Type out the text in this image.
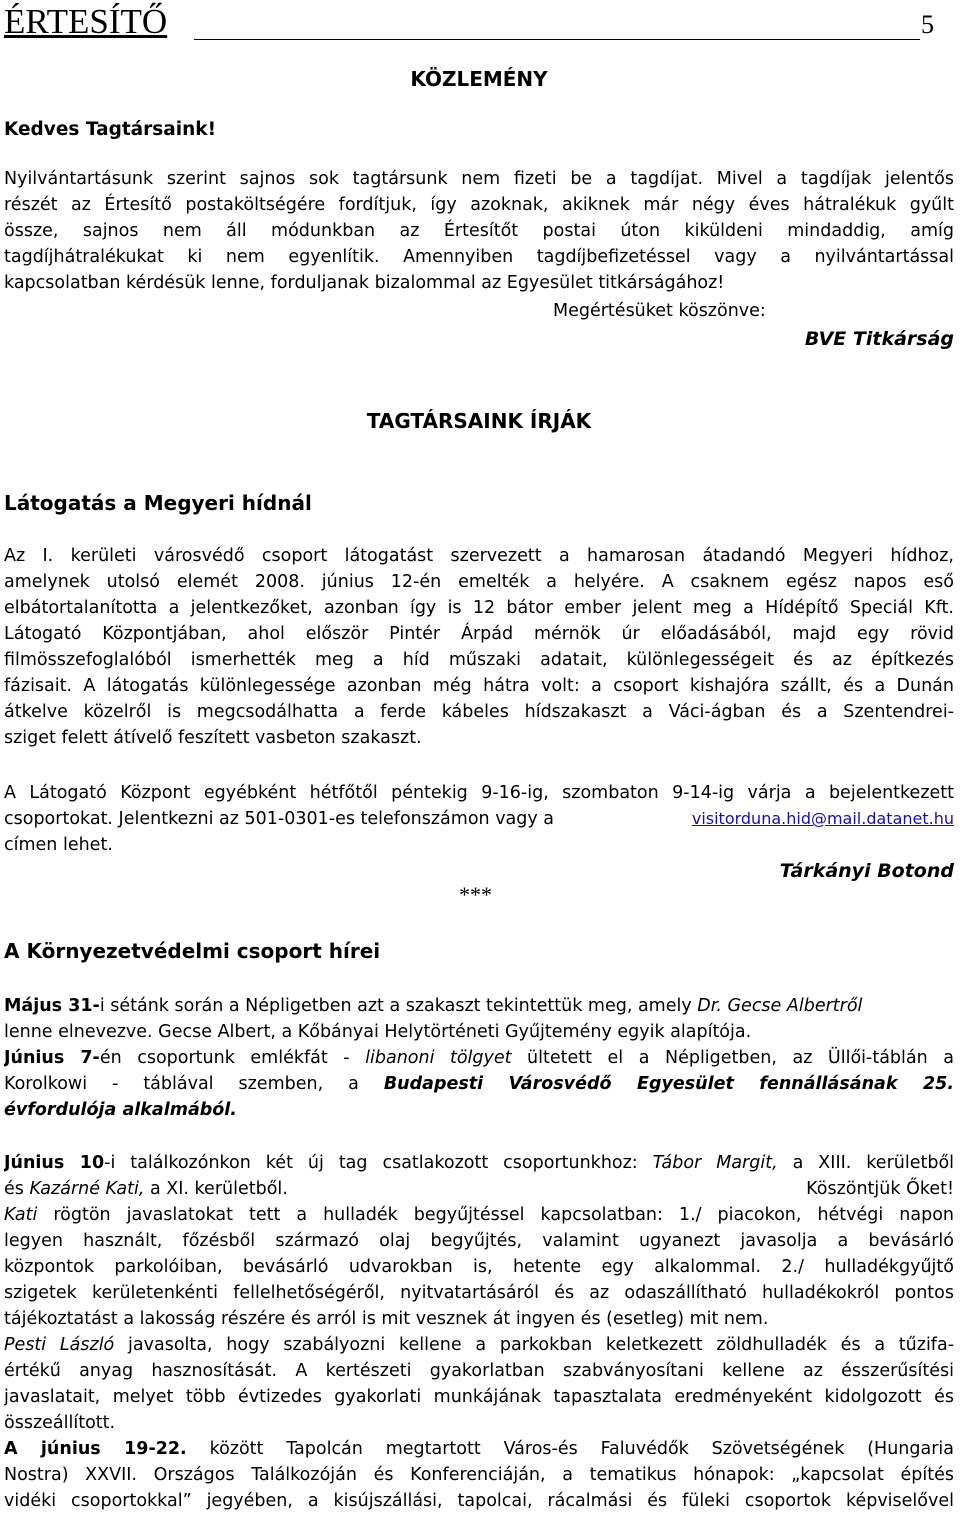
ÉRTESÍTŐ	5
KÖZLEMÉNY
Kedves Tagtársaink!
Nyilvántartásunk szerint sajnos sok tagtársunk nem fizeti be a tagdíjat. Mivel a tagdíjak jelentős
részét az Értesítő postaköltségére fordítjuk, így azoknak, akiknek már négy éves hátralékuk gyűlt
össze, sajnos nem áll módunkban az Értesítőt postai úton kiküldeni mindaddig, amíg
tagdíjhátralékukat ki nem egyenlítik. Amennyiben tagdíjbefizetéssel vagy a nyilvántartással
kapcsolatban kérdésük lenne, forduljanak bizalommal az Egyesület titkárságához!
Megértésüket köszönve:
BVE Titkárság
TAGTÁRSAINK ÍRJÁK
Látogatás a Megyeri hídnál
Az I. kerületi városvédő csoport látogatást szervezett a hamarosan átadandó Megyeri hídhoz,
amelynek utolsó elemét 2008. június 12-én emelték a helyére. A csaknem egész napos eső
elbátortalanította a jelentkezőket, azonban így is 12 bátor ember jelent meg a Hídépítő Speciál Kft.
Látogató Központjában, ahol először Pintér Árpád mérnök úr előadásából, majd egy rövid
filmösszefoglalóból ismerhették meg a híd műszaki adatait, különlegességeit és az építkezés
fázisait. A látogatás különlegessége azonban még hátra volt: a csoport kishajóra szállt, és a Dunán
átkelve közelről is megcsodálhatta a ferde kábeles hídszakaszt a Váci-ágban és a Szentendrei-
sziget felett átívelő feszített vasbeton szakaszt.
A Látogató Központ egyébként hétfőtől péntekig 9-16-ig, szombaton 9-14-ig várja a bejelentkezett
csoportokat. Jelentkezni az 501-0301-es telefonszámon vagy a	visitorduna.hid@mail.datanet.hu
címen lehet.
Tárkányi Botond
***
A Környezetvédelmi csoport hírei
Május 31-i sétánk során a Népligetben azt a szakaszt tekintettük meg, amely Dr. Gecse Albertről
lenne elnevezve. Gecse Albert, a Kőbányai Helytörténeti Gyűjtemény egyik alapítója.
Június 7-én csoportunk emlékfát - libanoni tölgyet ültetett el a Népligetben, az Üllői-táblán a
Korolkowi - táblával szemben, a Budapesti Városvédő Egyesület fennállásának 25.
évfordulója alkalmából.
Június 10-i találkozónkon két új tag csatlakozott csoportunkhoz: Tábor Margit, a XIII. kerületből
és Kazárné Kati, a XI. kerületből.	Köszöntjük Őket!
Kati rögtön javaslatokat tett a hulladék begyűjtéssel kapcsolatban: 1./ piacokon, hétvégi napon
legyen használt, főzésből származó olaj begyűjtés, valamint ugyanezt javasolja a bevásárló
központok parkolóiban, bevásárló udvarokban is, hetente egy alkalommal. 2./ hulladékgyűjtő
szigetek kerületenkénti fellelhetőségéről, nyitvatartásáról és az odaszállítható hulladékokról pontos
tájékoztatást a lakosság részére és arról is mit vesznek át ingyen és (esetleg) mit nem.
Pesti László javasolta, hogy szabályozni kellene a parkokban keletkezett zöldhulladék és a tűzifa-
értékű anyag hasznosítását. A kertészeti gyakorlatban szabványosítani kellene az ésszerűsítési
javaslatait, melyet több évtizedes gyakorlati munkájának tapasztalata eredményeként kidolgozott és
összeállított.
A június 19-22. között Tapolcán megtartott Város-és Faluvédők Szövetségének (Hungaria
Nostra) XXVII. Országos Találkozóján és Konferenciáján, a tematikus hónapok: „kapcsolat építés
vidéki csoportokkal” jegyében, a kisújszállási, tapolcai, rácalmási és füleki csoportok képviselővel
